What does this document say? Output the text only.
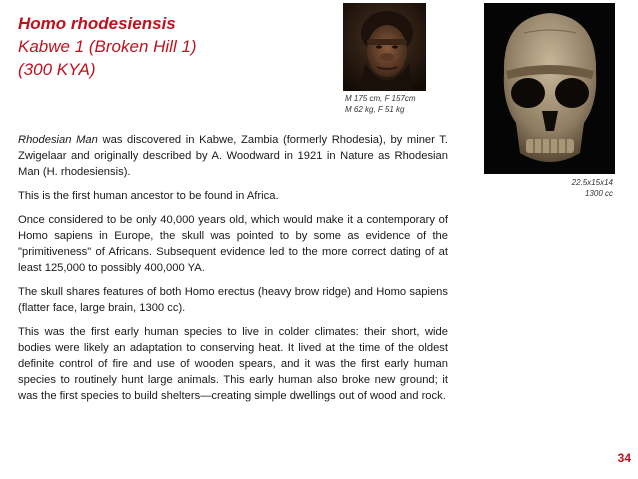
Homo rhodesiensis
Kabwe 1 (Broken Hill 1)
(300 KYA)
M 175 cm, F 157cm
M 62 kg, F 51 kg
22.5x15x14
1300 cc

Rhodesian Man was discovered in Kabwe, Zambia (formerly Rhodesia), by miner T. Zwigelaar and originally described by A. Woodward in 1921 in Nature as Rhodesian Man (H. rhodesiensis).

This is the first human ancestor to be found in Africa.

Once considered to be only 40,000 years old, which would make it a contemporary of Homo sapiens in Europe, the skull was pointed to by some as evidence of the "primitiveness" of Africans. Subsequent evidence led to the more correct dating of at least 125,000 to possibly 400,000 YA.

The skull shares features of both Homo erectus (heavy brow ridge) and Homo sapiens (flatter face, large brain, 1300 cc).

This was the first early human species to live in colder climates: their short, wide bodies were likely an adaptation to conserving heat. It lived at the time of the oldest definite control of fire and use of wooden spears, and it was the first early human species to routinely hunt large animals. This early human also broke new ground; it was the first species to build shelters—creating simple dwellings out of wood and rock.

34
